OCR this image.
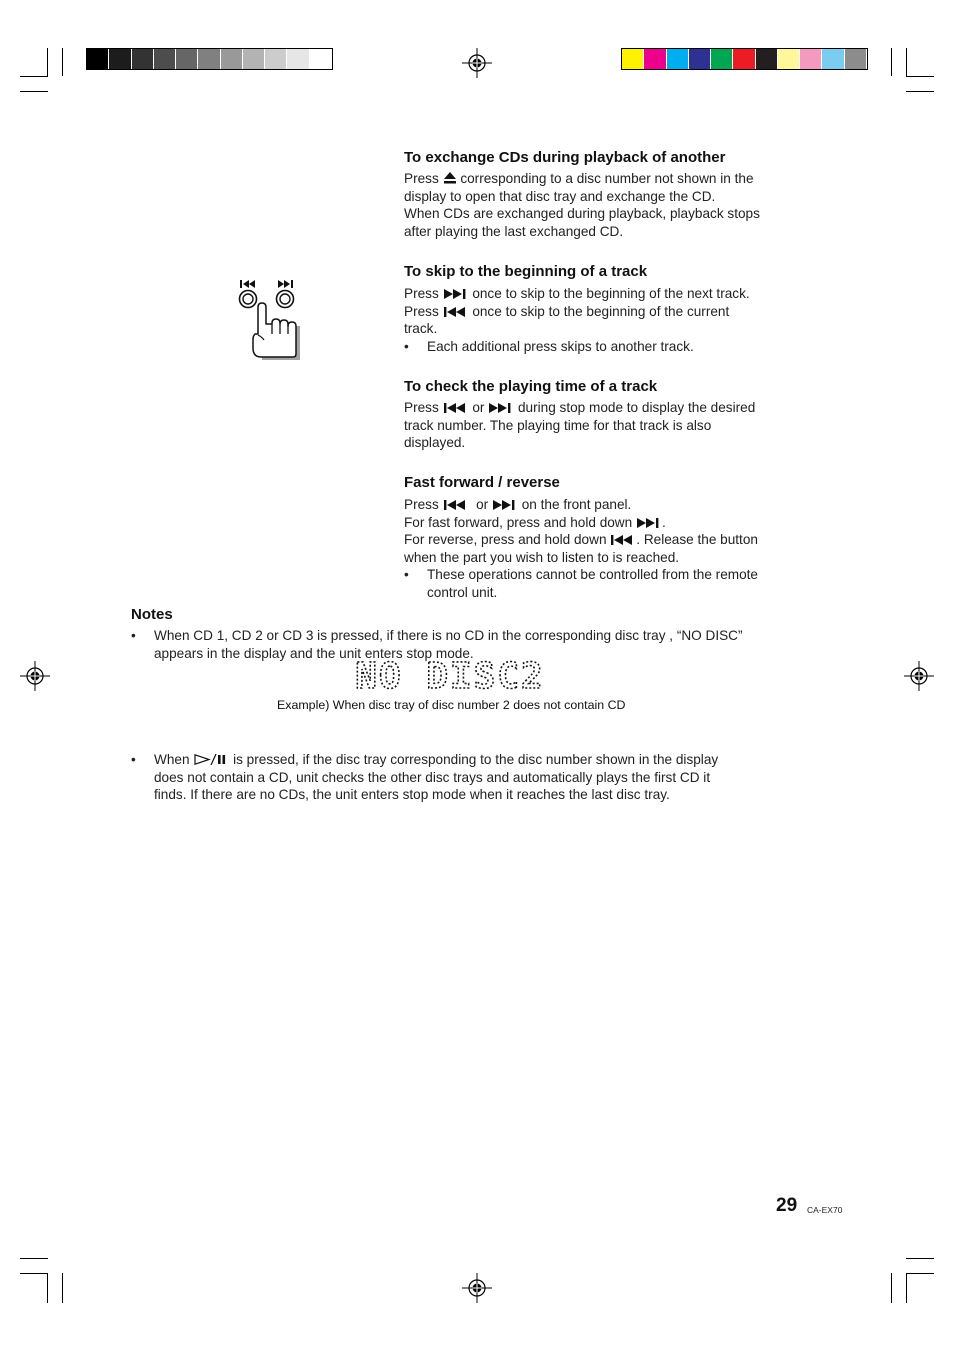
To exchange CDs during playback of another
Press corresponding to a disc number not shown in the
display to open that disc tray and exchange the CD.
When CDs are exchanged during playback, playback stops
after playing the last exchanged CD.
To skip to the beginning of a track
Press once to skip to the beginning of the next track.
Press once to skip to the beginning of the current
track.
• Each additional press skips to another track.
To check the playing time of a track
Press or during stop mode to display the desired
track number. The playing time for that track is also
displayed.
Fast forward / reverse
Press	or on the front panel.
For fast forward, press and hold down .
For reverse, press and hold down . Release the button
when the part you wish to listen to is reached.
• These operations cannot be controlled from the remote
control unit.
Notes
• When CD 1, CD 2 or CD 3 is pressed, if there is no CD in the corresponding disc tray , “NO DISC”
appears in the display and the unit enters stop mode.
NO DISC2
Example) When disc tray of disc number 2 does not contain CD
• When	is pressed, if the disc tray corresponding to the disc number shown in the display
does not contain a CD, unit checks the other disc trays and automatically plays the first CD it
finds. If there are no CDs, the unit enters stop mode when it reaches the last disc tray.
29 CA-EX70
